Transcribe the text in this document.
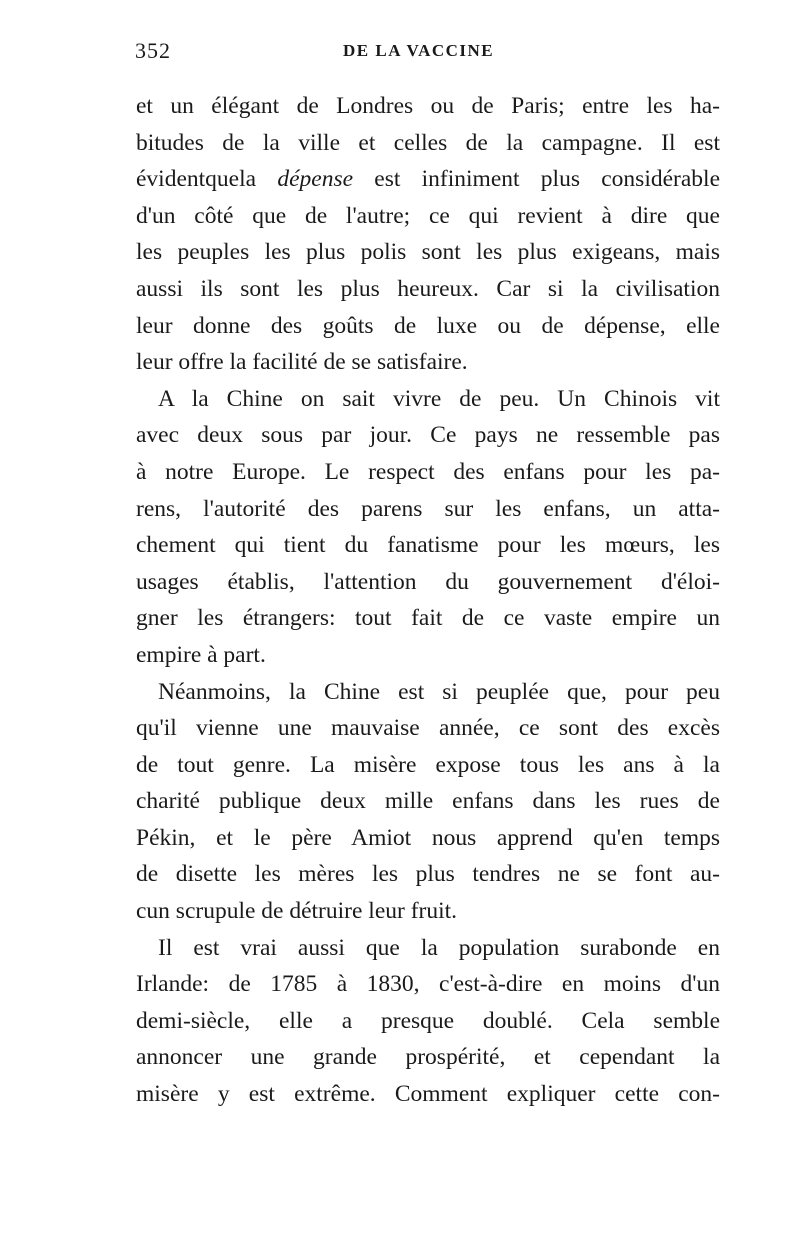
352	DE LA VACCINE
et un élégant de Londres ou de Paris; entre les ha-
bitudes de la ville et celles de la campagne. Il est
évidentquela dépense est infiniment plus considérable
d'un côté que de l'autre; ce qui revient à dire que
les peuples les plus polis sont les plus exigeans, mais
aussi ils sont les plus heureux. Car si la civilisation
leur donne des goûts de luxe ou de dépense, elle
leur offre la facilité de se satisfaire.
A la Chine on sait vivre de peu. Un Chinois vit
avec deux sous par jour. Ce pays ne ressemble pas
à notre Europe. Le respect des enfans pour les pa-
rens, l'autorité des parens sur les enfans, un atta-
chement qui tient du fanatisme pour les mœurs, les
usages établis, l'attention du gouvernement d'éloi-
gner les étrangers: tout fait de ce vaste empire un
empire à part.
Néanmoins, la Chine est si peuplée que, pour peu
qu'il vienne une mauvaise année, ce sont des excès
de tout genre. La misère expose tous les ans à la
charité publique deux mille enfans dans les rues de
Pékin, et le père Amiot nous apprend qu'en temps
de disette les mères les plus tendres ne se font au-
cun scrupule de détruire leur fruit.
Il est vrai aussi que la population surabonde en
Irlande: de 1785 à 1830, c'est-à-dire en moins d'un
demi-siècle, elle a presque doublé. Cela semble
annoncer une grande prospérité, et cependant la
misère y est extrême. Comment expliquer cette con-
